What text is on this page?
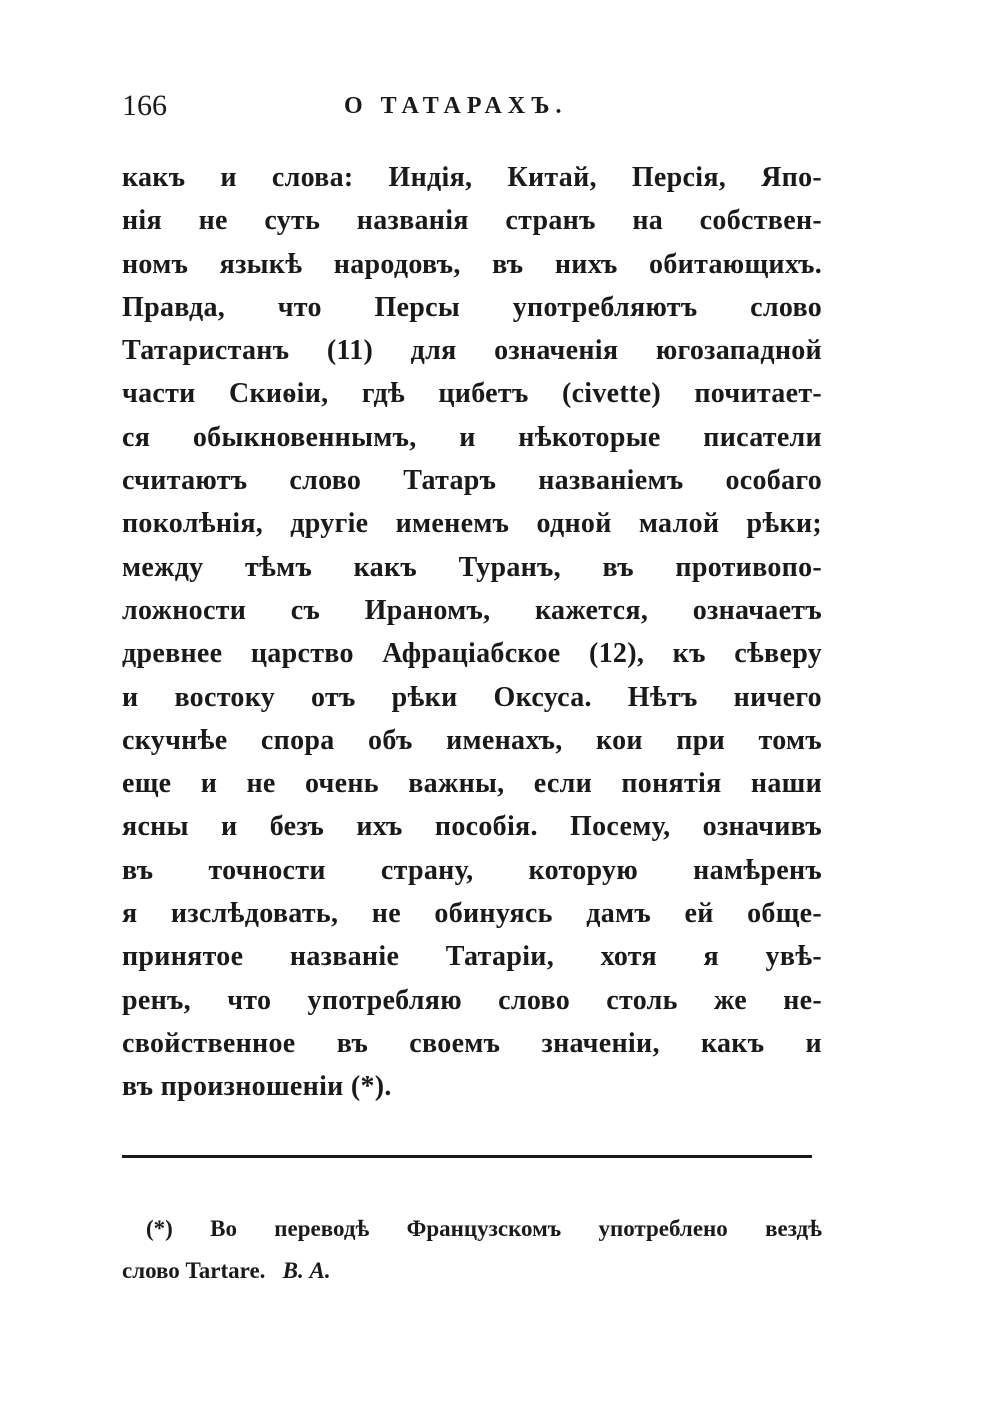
166	О ТАТАРАХЪ.
какъ и слова: Индія, Китай, Персія, Япо-
нія не суть названія странъ на собствен-
номъ языкѣ народовъ, въ нихъ обитающихъ.
Правда, что Персы употребляютъ слово
Татаристанъ (11) для означенія югозападной
части Скиѳіи, гдѣ цибетъ (civette) почитает-
ся обыкновеннымъ, и нѣкоторые писатели
считаютъ слово Татаръ названіемъ особаго
поколѣнія, другіе именемъ одной малой рѣки;
между тѣмъ какъ Туранъ, въ противопо-
ложности съ Ираномъ, кажется, означаетъ
древнее царство Афраціабское (12), къ сѣверу
и востоку отъ рѣки Оксуса. Нѣтъ ничего
скучнѣе спора объ именахъ, кои при томъ
еще и не очень важны, если понятія наши
ясны и безъ ихъ пособія. Посему, означивъ
въ точности страну, которую намѣренъ
я изслѣдовать, не обинуясь дамъ ей обще-
принятое названіе Татаріи, хотя я увѣ-
ренъ, что употребляю слово столь же не-
свойственное въ своемъ значеніи, какъ и
въ произношеніи (*).
(*) Во переводѣ Французскомъ употреблено вездѣ
слово Tartare. В. А.
